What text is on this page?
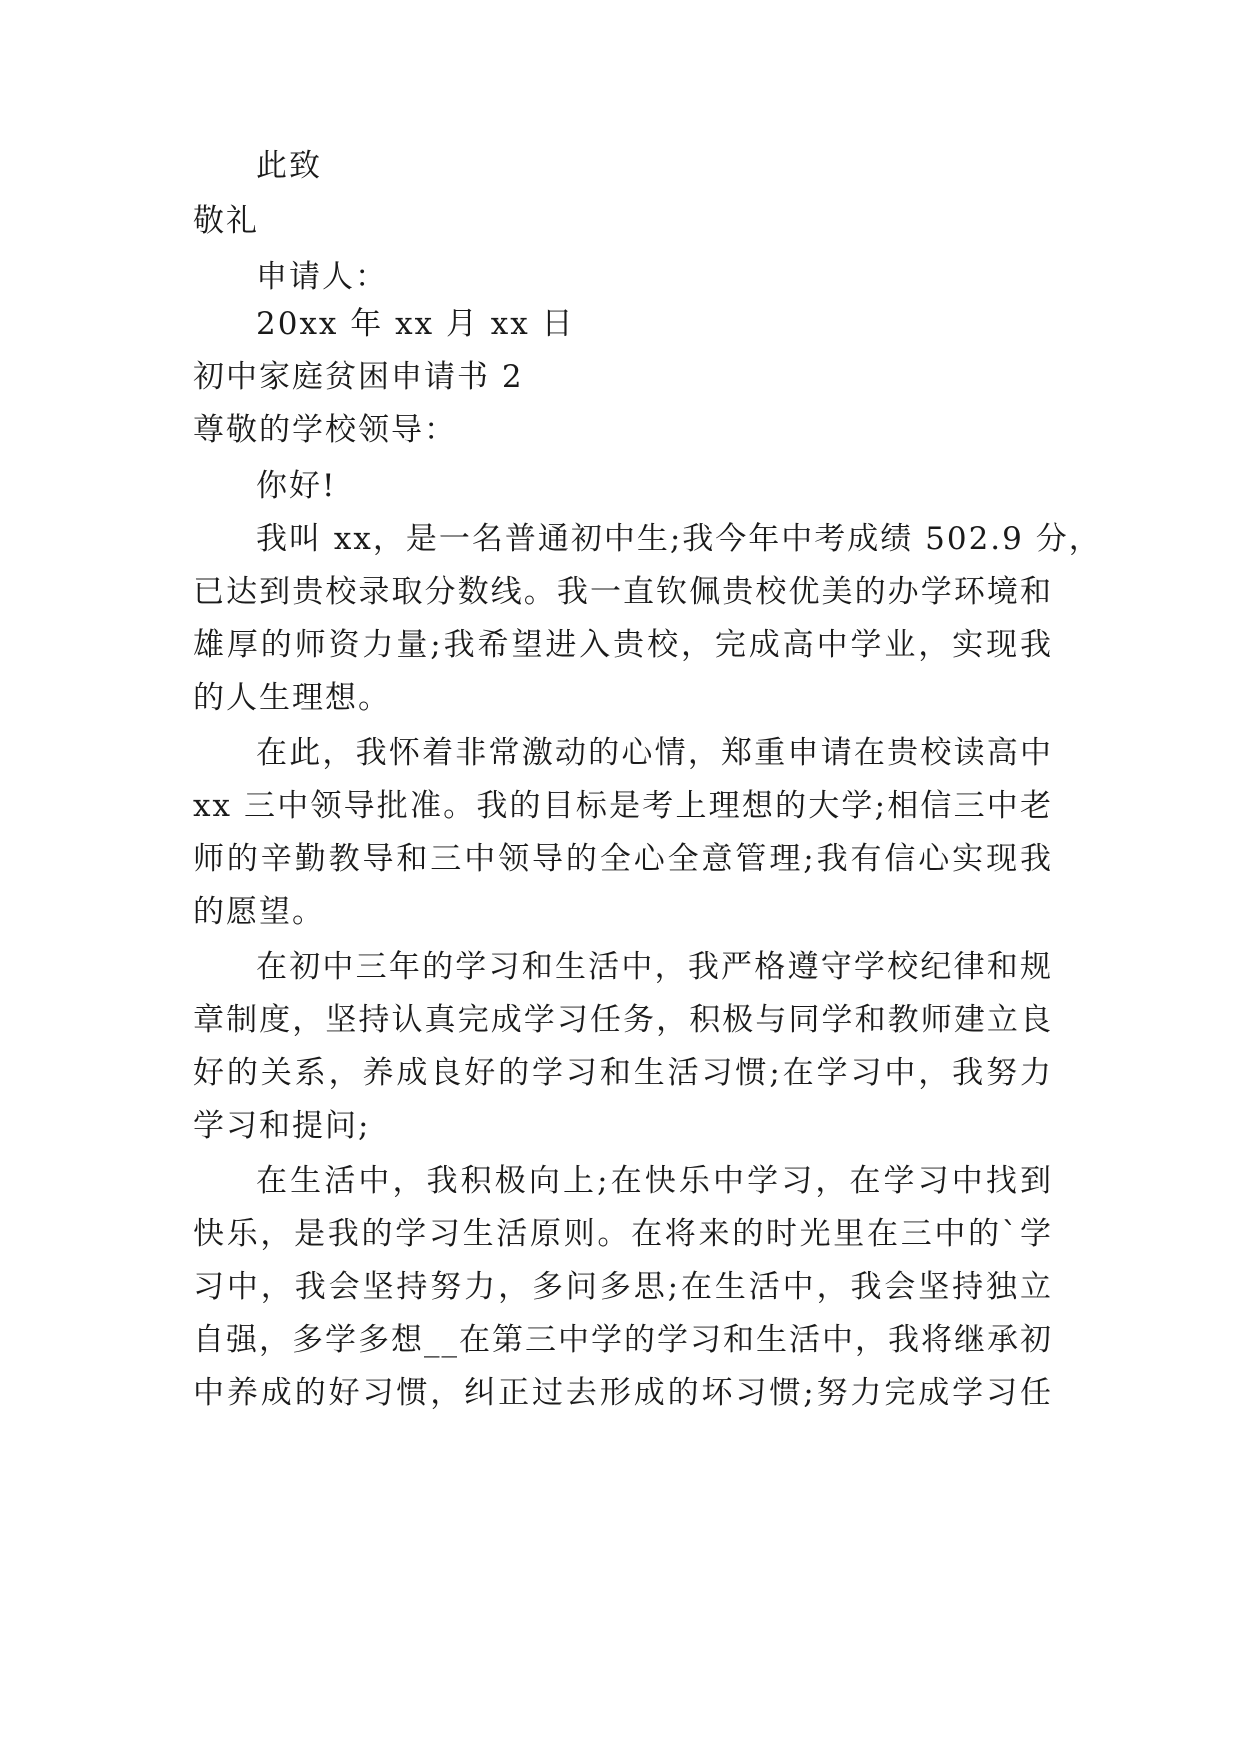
此致
敬礼
申请人：
20xx 年 xx 月 xx 日
初中家庭贫困申请书 2
尊敬的学校领导：
你好!
我叫 xx，是一名普通初中生;我今年中考成绩 502.9 分，
已达到贵校录取分数线。我一直钦佩贵校优美的办学环境和
雄厚的师资力量;我希望进入贵校，完成高中学业，实现我
的人生理想。
在此，我怀着非常激动的心情，郑重申请在贵校读高中
xx 三中领导批准。我的目标是考上理想的大学;相信三中老
师的辛勤教导和三中领导的全心全意管理;我有信心实现我
的愿望。
在初中三年的学习和生活中，我严格遵守学校纪律和规
章制度，坚持认真完成学习任务，积极与同学和教师建立良
好的关系，养成良好的学习和生活习惯;在学习中，我努力
学习和提问;
在生活中，我积极向上;在快乐中学习，在学习中找到
快乐，是我的学习生活原则。在将来的时光里在三中的`学
习中，我会坚持努力，多问多思;在生活中，我会坚持独立
自强，多学多想__在第三中学的学习和生活中，我将继承初
中养成的好习惯，纠正过去形成的坏习惯;努力完成学习任
